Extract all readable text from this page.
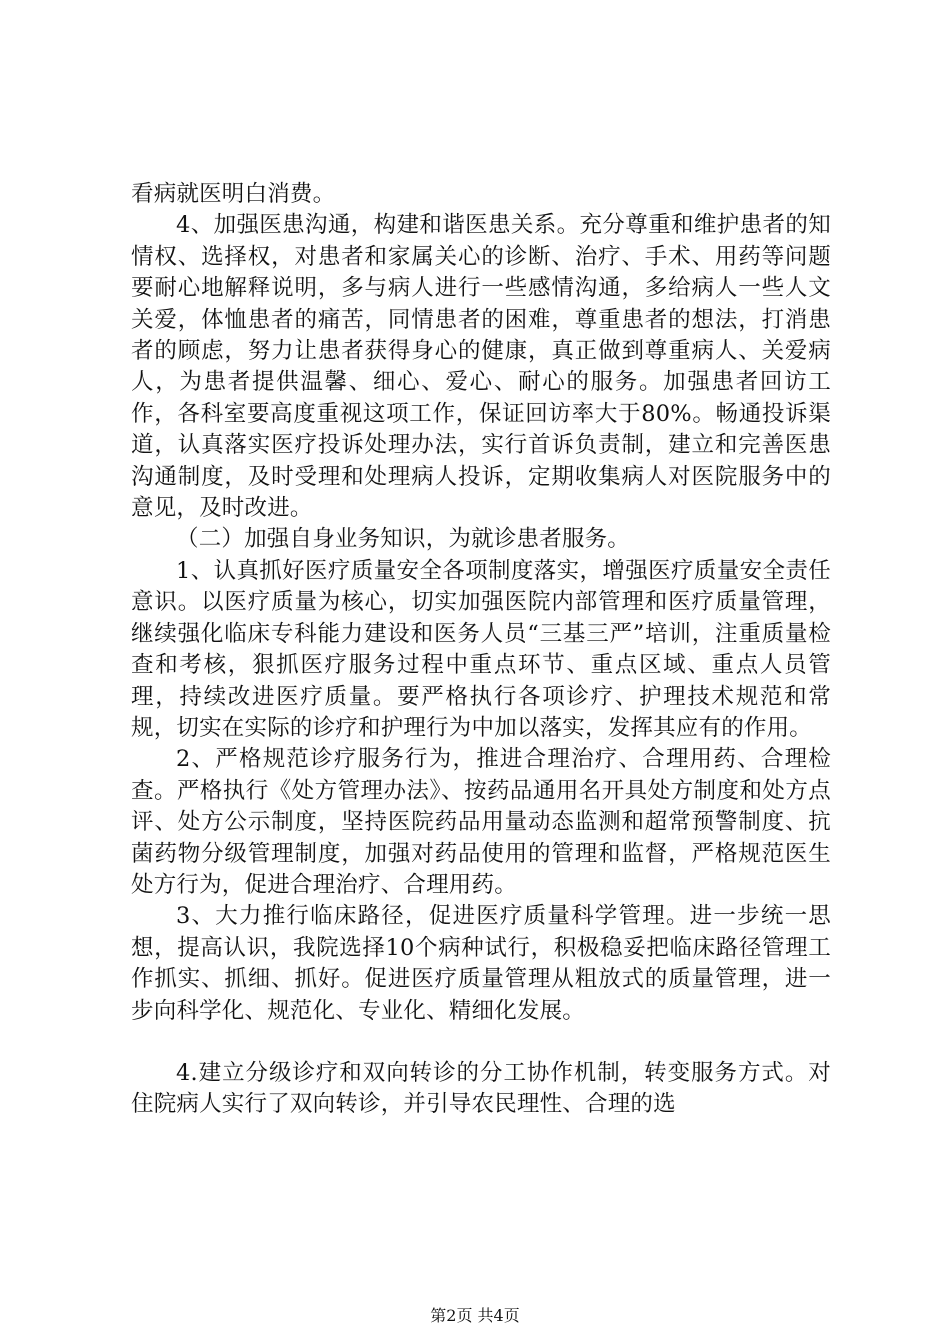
看病就医明白消费。

4、加强医患沟通，构建和谐医患关系。充分尊重和维护患者的知情权、选择权，对患者和家属关心的诊断、治疗、手术、用药等问题要耐心地解释说明，多与病人进行一些感情沟通，多给病人一些人文关爱，体恤患者的痛苦，同情患者的困难，尊重患者的想法，打消患者的顾虑，努力让患者获得身心的健康，真正做到尊重病人、关爱病人，为患者提供温馨、细心、爱心、耐心的服务。加强患者回访工作，各科室要高度重视这项工作，保证回访率大于80%。畅通投诉渠道，认真落实医疗投诉处理办法，实行首诉负责制，建立和完善医患沟通制度，及时受理和处理病人投诉，定期收集病人对医院服务中的意见，及时改进。

（二）加强自身业务知识，为就诊患者服务。

1、认真抓好医疗质量安全各项制度落实，增强医疗质量安全责任意识。以医疗质量为核心，切实加强医院内部管理和医疗质量管理，继续强化临床专科能力建设和医务人员“三基三严”培训，注重质量检查和考核，狠抓医疗服务过程中重点环节、重点区域、重点人员管理，持续改进医疗质量。要严格执行各项诊疗、护理技术规范和常规，切实在实际的诊疗和护理行为中加以落实，发挥其应有的作用。

2、严格规范诊疗服务行为，推进合理治疗、合理用药、合理检查。严格执行《处方管理办法》、按药品通用名开具处方制度和处方点评、处方公示制度，坚持医院药品用量动态监测和超常预警制度、抗菌药物分级管理制度，加强对药品使用的管理和监督，严格规范医生处方行为，促进合理治疗、合理用药。

3、大力推行临床路径，促进医疗质量科学管理。进一步统一思想，提高认识，我院选择10个病种试行，积极稳妥把临床路径管理工作抓实、抓细、抓好。促进医疗质量管理从粗放式的质量管理，进一步向科学化、规范化、专业化、精细化发展。

4.建立分级诊疗和双向转诊的分工协作机制，转变服务方式。对住院病人实行了双向转诊，并引导农民理性、合理的选

第2页 共4页
